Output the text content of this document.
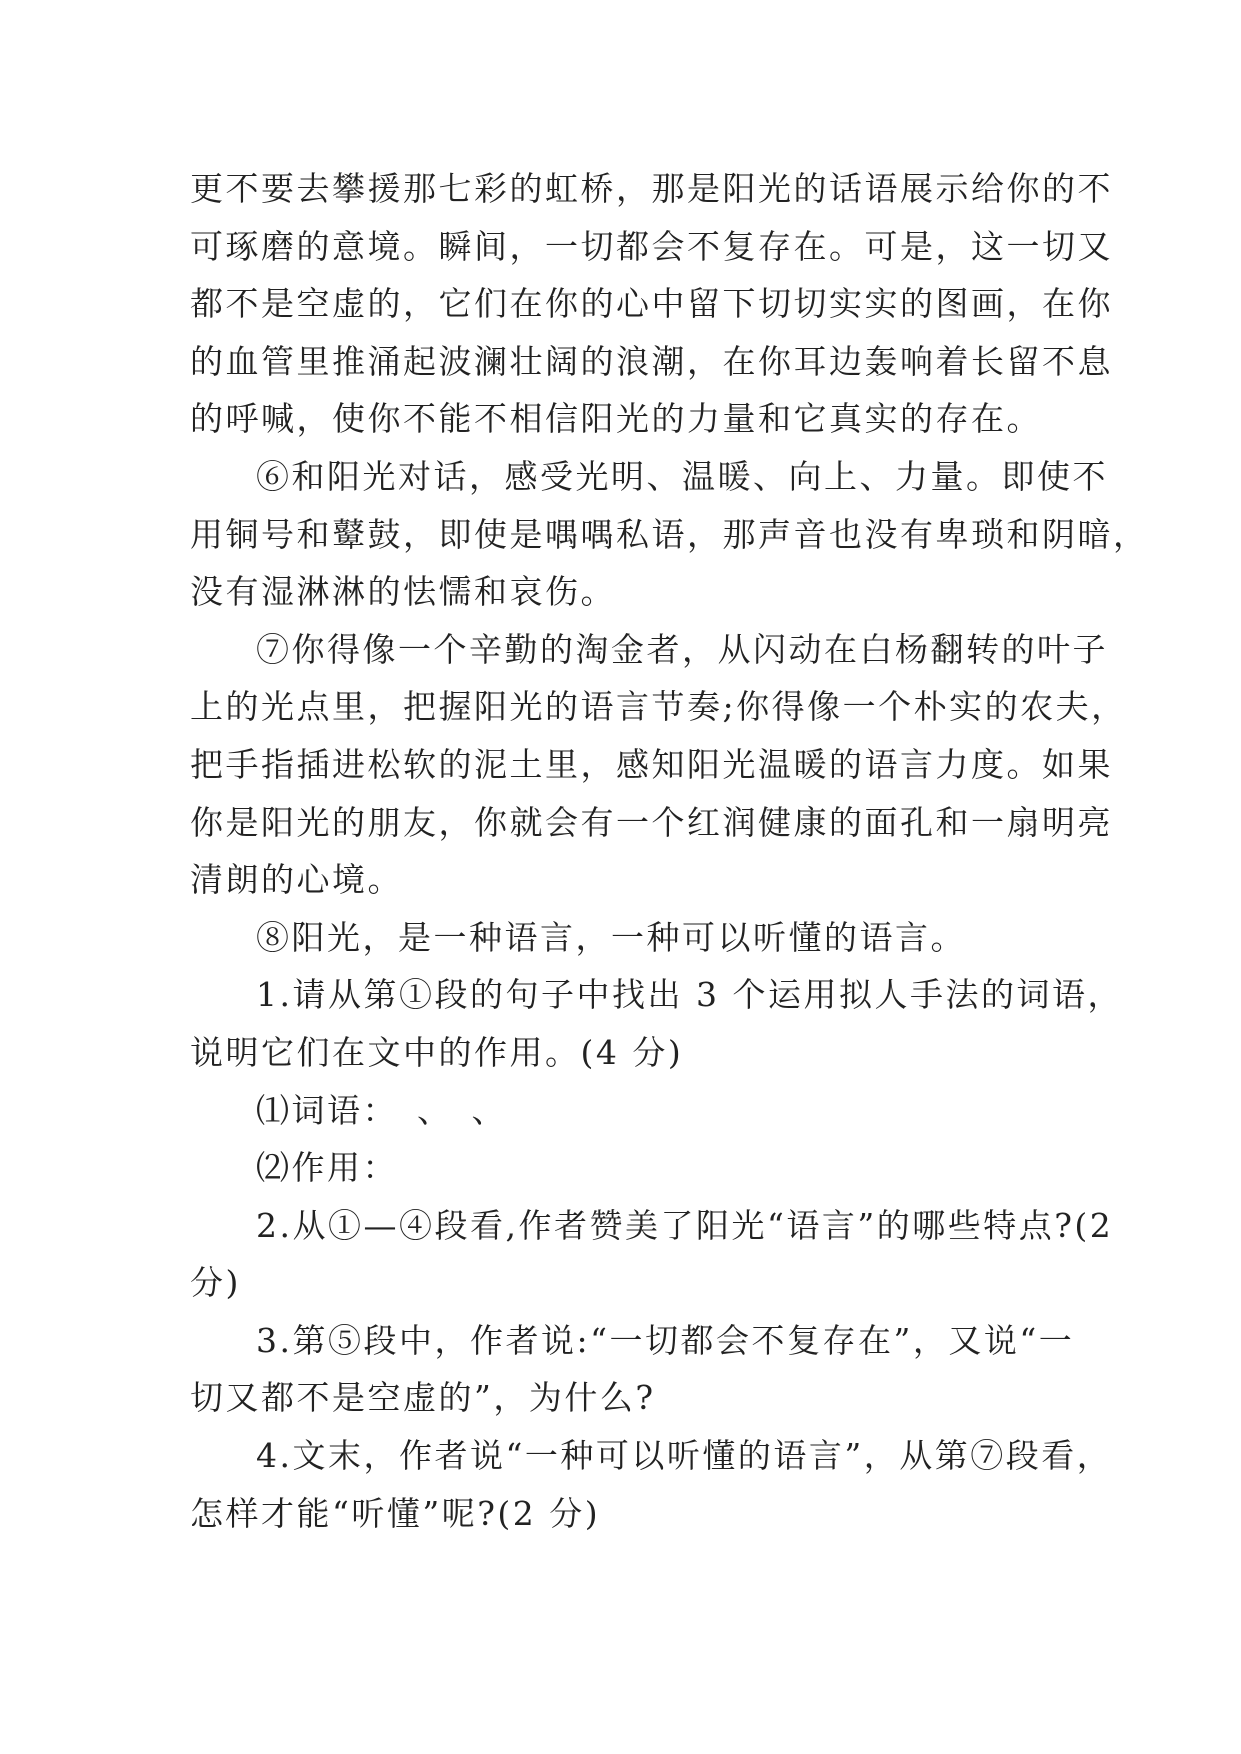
更不要去攀援那七彩的虹桥，那是阳光的话语展示给你的不
可琢磨的意境。瞬间，一切都会不复存在。可是，这一切又
都不是空虚的，它们在你的心中留下切切实实的图画，在你
的血管里推涌起波澜壮阔的浪潮，在你耳边轰响着长留不息
的呼喊，使你不能不相信阳光的力量和它真实的存在。

⑥和阳光对话，感受光明、温暖、向上、力量。即使不
用铜号和鼙鼓，即使是喁喁私语，那声音也没有卑琐和阴暗，
没有湿淋淋的怯懦和哀伤。

⑦你得像一个辛勤的淘金者，从闪动在白杨翻转的叶子
上的光点里，把握阳光的语言节奏;你得像一个朴实的农夫，
把手指插进松软的泥土里，感知阳光温暖的语言力度。如果
你是阳光的朋友，你就会有一个红润健康的面孔和一扇明亮
清朗的心境。

⑧阳光，是一种语言，一种可以听懂的语言。

1.请从第①段的句子中找出 3 个运用拟人手法的词语，
说明它们在文中的作用。(4 分)

⑴词语：　、　、

⑵作用：

2.从①—④段看,作者赞美了阳光“语言”的哪些特点?(2
分)

3.第⑤段中，作者说:“一切都会不复存在”，又说“一
切又都不是空虚的”，为什么?

4.文末，作者说“一种可以听懂的语言”，从第⑦段看，
怎样才能“听懂”呢?(2 分)
